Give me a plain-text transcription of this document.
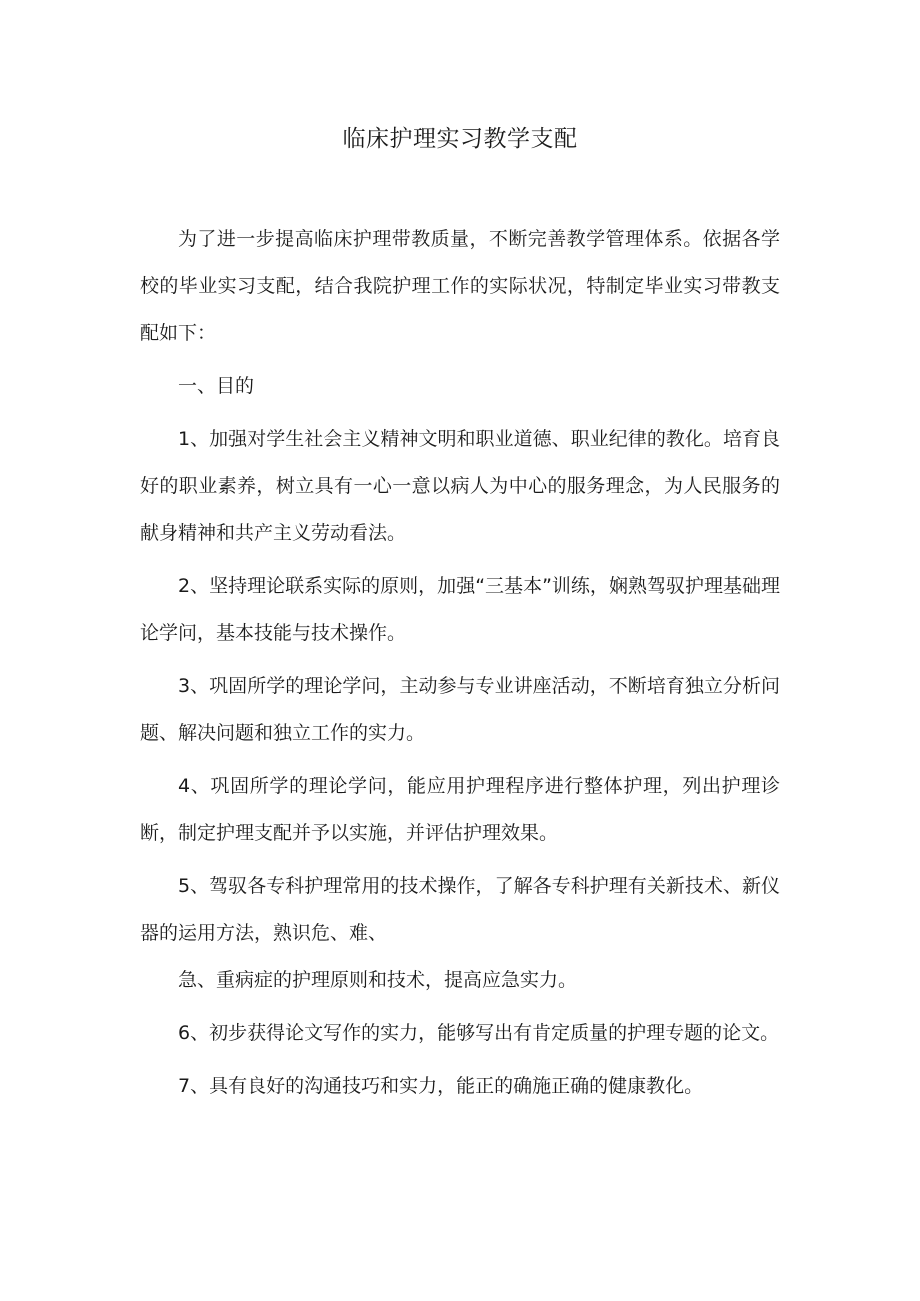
临床护理实习教学支配

为了进一步提高临床护理带教质量，不断完善教学管理体系。依据各学校的毕业实习支配，结合我院护理工作的实际状况，特制定毕业实习带教支配如下：

一、目的

1、加强对学生社会主义精神文明和职业道德、职业纪律的教化。培育良好的职业素养，树立具有一心一意以病人为中心的服务理念，为人民服务的献身精神和共产主义劳动看法。

2、坚持理论联系实际的原则，加强“三基本”训练，娴熟驾驭护理基础理论学问，基本技能与技术操作。

3、巩固所学的理论学问，主动参与专业讲座活动，不断培育独立分析问题、解决问题和独立工作的实力。

4、巩固所学的理论学问，能应用护理程序进行整体护理，列出护理诊断，制定护理支配并予以实施，并评估护理效果。

5、驾驭各专科护理常用的技术操作，了解各专科护理有关新技术、新仪器的运用方法，熟识危、难、

急、重病症的护理原则和技术，提高应急实力。

6、初步获得论文写作的实力，能够写出有肯定质量的护理专题的论文。

7、具有良好的沟通技巧和实力，能正的确施正确的健康教化。
